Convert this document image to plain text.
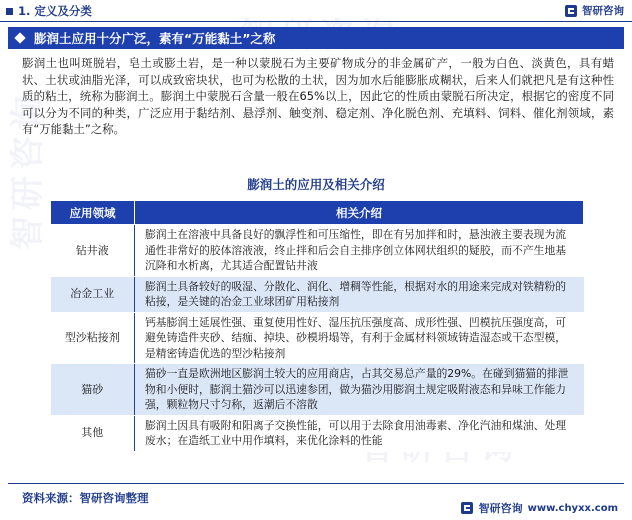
智研咨询
1. 定义及分类	智研咨询
膨润土应用十分广泛，素有“万能黏土”之称

膨润土也叫斑脱岩，皂土或膨土岩，是一种以蒙脱石为主要矿物成分的非金属矿产，一般为白色、淡黄色，具有蜡状、土状或油脂光泽，可以成致密块状，也可为松散的土状，因为加水后能膨胀成糊状，后来人们就把凡是有这种性质的粘土，统称为膨润土。膨润土中蒙脱石含量一般在65%以上，因此它的性质由蒙脱石所决定，根据它的密度不同可以分为不同的种类，广泛应用于黏结剂、悬浮剂、触变剂、稳定剂、净化脱色剂、充填料、饲料、催化剂领域，素有“万能黏土”之称。

膨润土的应用及相关介绍
应用领域	相关介绍
钻井液	膨润土在溶液中具备良好的飘浮性和可压缩性，即在有另加拌和时，悬浊液主要表现为流通性非常好的胶体溶液液，终止拌和后会自主排序创立体网状组织的疑胶，而不产生地基沉降和水析离，尤其适合配置钻井液
冶金工业	膨润土具备较好的吸湿、分散化、润化、增稠等性能，根据对水的用途来完成对铁精粉的粘接，是关键的冶金工业球团矿用粘接剂
型沙粘接剂	钙基膨润土延展性强、重复使用性好、湿压抗压强度高、成形性强、凹模抗压强度高，可避免铸造件夹砂、结痂、掉块、砂模坍塌等，有利于金属材料领域铸造湿态或干态型模，是精密铸造优选的型沙粘接剂
猫砂	猫砂一直是欧洲地区膨润土较大的应用商店，占其交易总产量的29%。在碰到猫猫的排泄物和小便时，膨润土猫沙可以迅速参团，做为猫沙用膨润土规定吸附液态和异味工作能力强，颗粒物尺寸匀称，返潮后不溶散
其他	膨润土因具有吸附和阳离子交换性能，可以用于去除食用油毒素、净化汽油和煤油、处理废水；在造纸工业中用作填料，来优化涂料的性能
资料来源：智研咨询整理
智研咨询 www.chyxx.com
